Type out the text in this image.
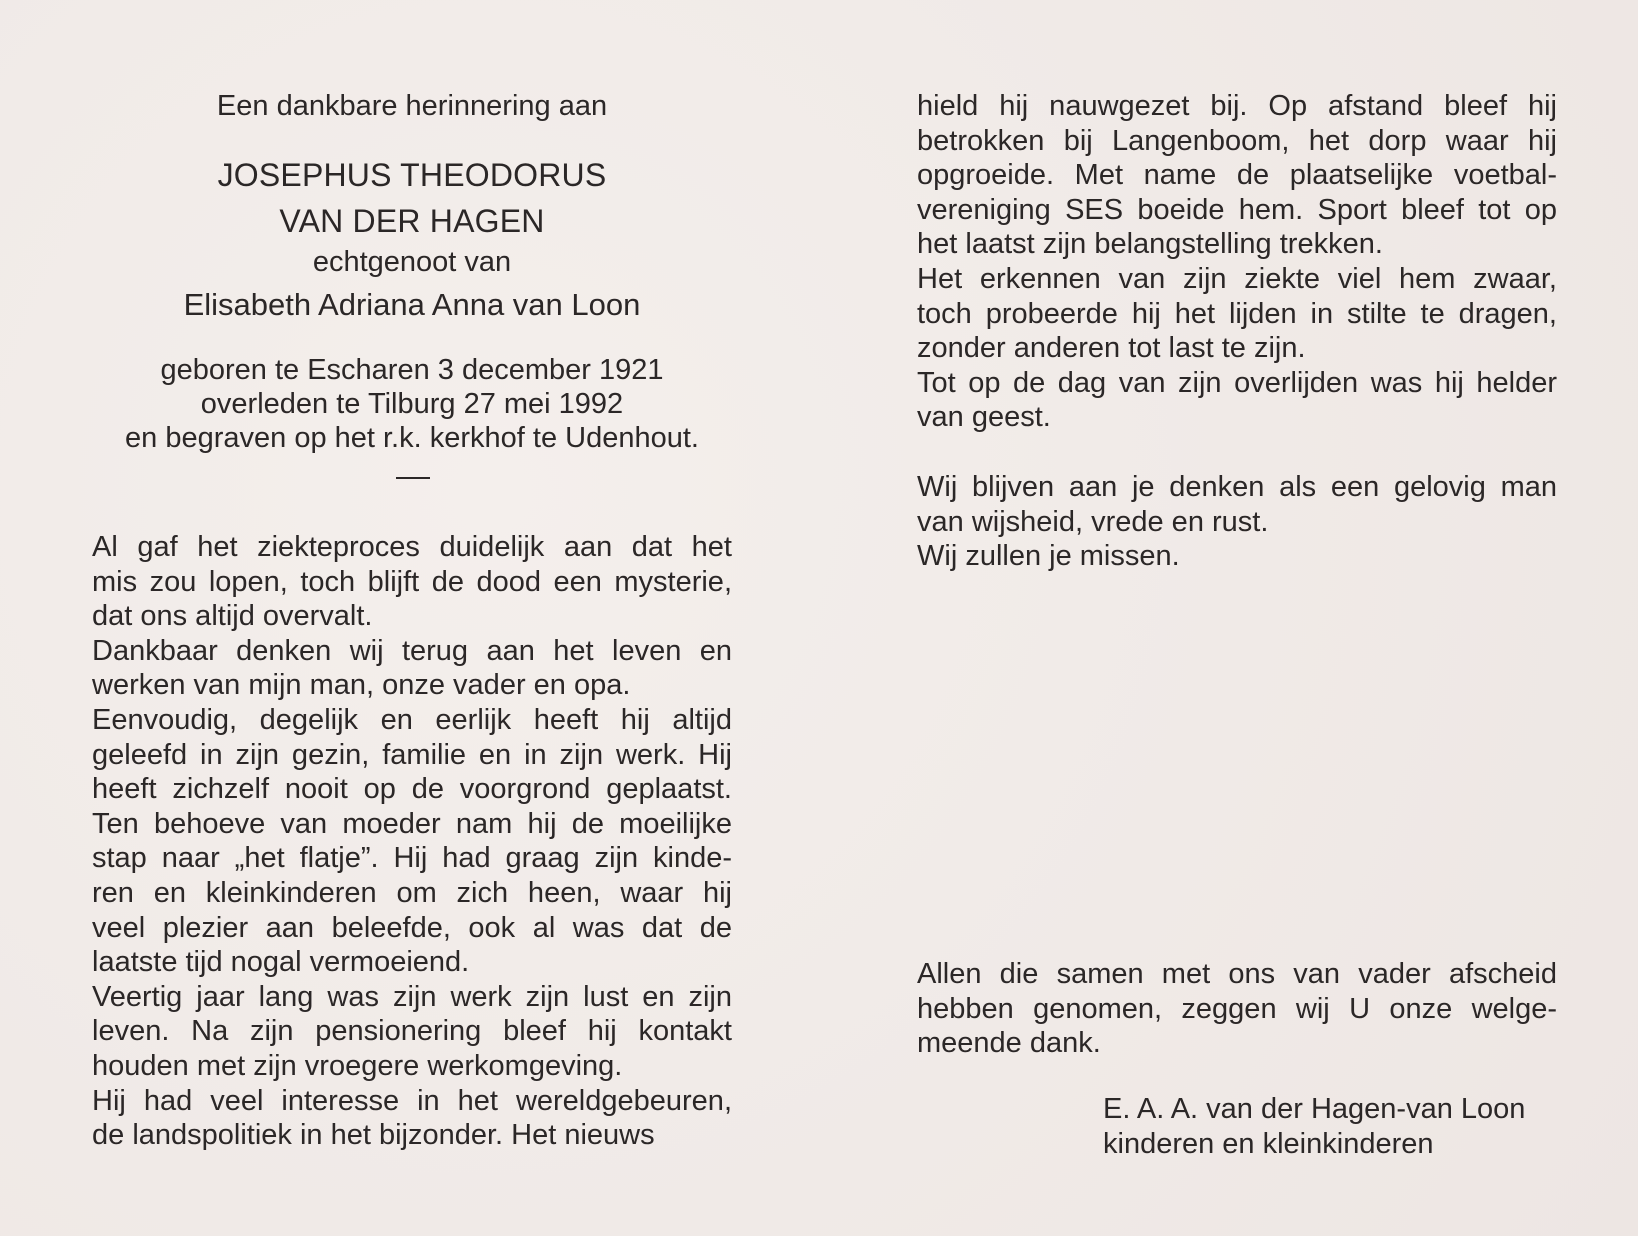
Een dankbare herinnering aan
JOSEPHUS THEODORUS
VAN DER HAGEN
echtgenoot van
Elisabeth Adriana Anna van Loon
geboren te Escharen 3 december 1921
overleden te Tilburg 27 mei 1992
en begraven op het r.k. kerkhof te Udenhout.
Al gaf het ziekteproces duidelijk aan dat het
mis zou lopen, toch blijft de dood een mysterie,
dat ons altijd overvalt.
Dankbaar denken wij terug aan het leven en
werken van mijn man, onze vader en opa.
Eenvoudig, degelijk en eerlijk heeft hij altijd
geleefd in zijn gezin, familie en in zijn werk. Hij
heeft zichzelf nooit op de voorgrond geplaatst.
Ten behoeve van moeder nam hij de moeilijke
stap naar „het flatje”. Hij had graag zijn kinde-
ren en kleinkinderen om zich heen, waar hij
veel plezier aan beleefde, ook al was dat de
laatste tijd nogal vermoeiend.
Veertig jaar lang was zijn werk zijn lust en zijn
leven. Na zijn pensionering bleef hij kontakt
houden met zijn vroegere werkomgeving.
Hij had veel interesse in het wereldgebeuren,
de landspolitiek in het bijzonder. Het nieuws
hield hij nauwgezet bij. Op afstand bleef hij
betrokken bij Langenboom, het dorp waar hij
opgroeide. Met name de plaatselijke voetbal-
vereniging SES boeide hem. Sport bleef tot op
het laatst zijn belangstelling trekken.
Het erkennen van zijn ziekte viel hem zwaar,
toch probeerde hij het lijden in stilte te dragen,
zonder anderen tot last te zijn.
Tot op de dag van zijn overlijden was hij helder
van geest.
Wij blijven aan je denken als een gelovig man
van wijsheid, vrede en rust.
Wij zullen je missen.
Allen die samen met ons van vader afscheid
hebben genomen, zeggen wij U onze welge-
meende dank.
E. A. A. van der Hagen-van Loon
kinderen en kleinkinderen
